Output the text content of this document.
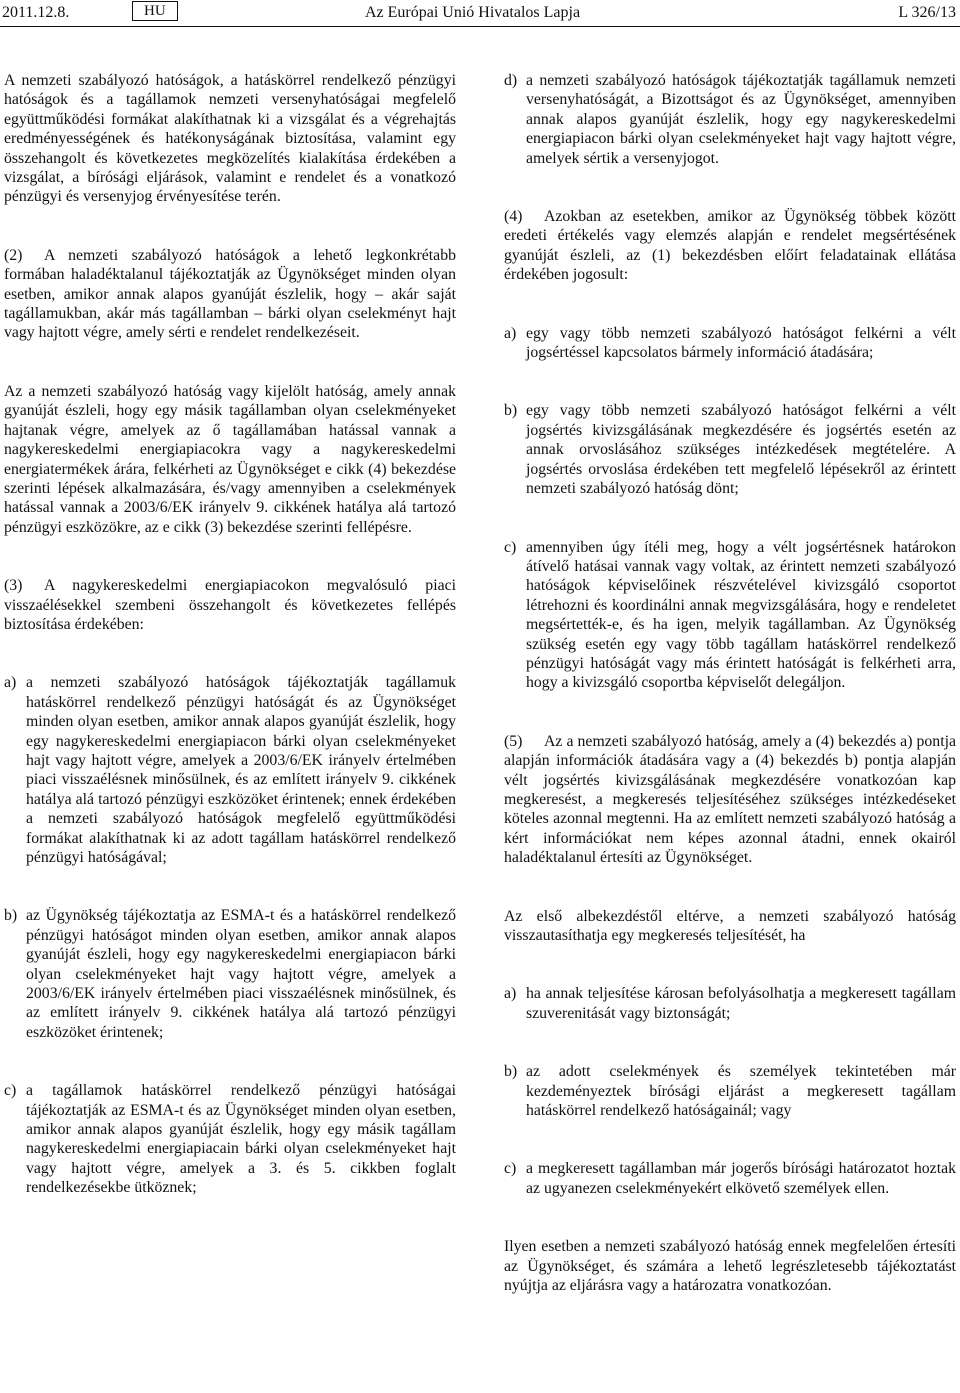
2011.12.8.	HU	Az Európai Unió Hivatalos Lapja	L 326/13

A nemzeti szabályozó hatóságok, a hatáskörrel rendelkező pénzügyi hatóságok és a tagállamok nemzeti versenyhatóságai megfelelő együttműködési formákat alakíthatnak ki a vizsgálat és a végrehajtás eredményességének és hatékonyságának biztosítása, valamint egy összehangolt és következetes megközelítés kialakítása érdekében a vizsgálat, a bírósági eljárások, valamint e rendelet és a vonatkozó pénzügyi és versenyjog érvényesítése terén.

(2) A nemzeti szabályozó hatóságok a lehető legkonkrétabb formában haladéktalanul tájékoztatják az Ügynökséget minden olyan esetben, amikor annak alapos gyanúját észlelik, hogy – akár saját tagállamukban, akár más tagállamban – bárki olyan cselekményt hajt vagy hajtott végre, amely sérti e rendelet rendelkezéseit.

Az a nemzeti szabályozó hatóság vagy kijelölt hatóság, amely annak gyanúját észleli, hogy egy másik tagállamban olyan cselekményeket hajtanak végre, amelyek az ő tagállamában hatással vannak a nagykereskedelmi energiapiacokra vagy a nagykereskedelmi energiatermékek árára, felkérheti az Ügynökséget e cikk (4) bekezdése szerinti lépések alkalmazására, és/vagy amennyiben a cselekmények hatással vannak a 2003/6/EK irányelv 9. cikkének hatálya alá tartozó pénzügyi eszközökre, az e cikk (3) bekezdése szerinti fellépésre.

(3) A nagykereskedelmi energiapiacokon megvalósuló piaci visszaélésekkel szembeni összehangolt és következetes fellépés biztosítása érdekében:

a) a nemzeti szabályozó hatóságok tájékoztatják tagállamuk hatáskörrel rendelkező pénzügyi hatóságát és az Ügynökséget minden olyan esetben, amikor annak alapos gyanúját észlelik, hogy egy nagykereskedelmi energiapiacon bárki olyan cselekményeket hajt vagy hajtott végre, amelyek a 2003/6/EK irányelv értelmében piaci visszaélésnek minősülnek, és az említett irányelv 9. cikkének hatálya alá tartozó pénzügyi eszközöket érintenek; ennek érdekében a nemzeti szabályozó hatóságok megfelelő együttműködési formákat alakíthatnak ki az adott tagállam hatáskörrel rendelkező pénzügyi hatóságával;
b) az Ügynökség tájékoztatja az ESMA-t és a hatáskörrel rendelkező pénzügyi hatóságot minden olyan esetben, amikor annak alapos gyanúját észleli, hogy egy nagykereskedelmi energiapiacon bárki olyan cselekményeket hajt vagy hajtott végre, amelyek a 2003/6/EK irányelv értelmében piaci visszaélésnek minősülnek, és az említett irányelv 9. cikkének hatálya alá tartozó pénzügyi eszközöket érintenek;
c) a tagállamok hatáskörrel rendelkező pénzügyi hatóságai tájékoztatják az ESMA-t és az Ügynökséget minden olyan esetben, amikor annak alapos gyanúját észlelik, hogy egy másik tagállam nagykereskedelmi energiapiacain bárki olyan cselekményeket hajt vagy hajtott végre, amelyek a 3. és 5. cikkben foglalt rendelkezésekbe ütköznek;
d) a nemzeti szabályozó hatóságok tájékoztatják tagállamuk nemzeti versenyhatóságát, a Bizottságot és az Ügynökséget, amennyiben annak alapos gyanúját észlelik, hogy egy nagykereskedelmi energiapiacon bárki olyan cselekményeket hajt vagy hajtott végre, amelyek sértik a versenyjogot.

(4) Azokban az esetekben, amikor az Ügynökség többek között eredeti értékelés vagy elemzés alapján e rendelet megsértésének gyanúját észleli, az (1) bekezdésben előírt feladatainak ellátása érdekében jogosult:

a) egy vagy több nemzeti szabályozó hatóságot felkérni a vélt jogsértéssel kapcsolatos bármely információ átadására;
b) egy vagy több nemzeti szabályozó hatóságot felkérni a vélt jogsértés kivizsgálásának megkezdésére és jogsértés esetén az annak orvoslásához szükséges intézkedések megtételére. A jogsértés orvoslása érdekében tett megfelelő lépésekről az érintett nemzeti szabályozó hatóság dönt;
c) amennyiben úgy ítéli meg, hogy a vélt jogsértésnek határokon átívelő hatásai vannak vagy voltak, az érintett nemzeti szabályozó hatóságok képviselőinek részvételével kivizsgáló csoportot létrehozni és koordinálni annak megvizsgálására, hogy e rendeletet megsértették-e, és ha igen, melyik tagállamban. Az Ügynökség szükség esetén egy vagy több tagállam hatáskörrel rendelkező pénzügyi hatóságát vagy más érintett hatóságát is felkérheti arra, hogy a kivizsgáló csoportba képviselőt delegáljon.

(5) Az a nemzeti szabályozó hatóság, amely a (4) bekezdés a) pontja alapján információk átadására vagy a (4) bekezdés b) pontja alapján vélt jogsértés kivizsgálásának megkezdésére vonatkozóan kap megkeresést, a megkeresés teljesítéséhez szükséges intézkedéseket köteles azonnal megtenni. Ha az említett nemzeti szabályozó hatóság a kért információkat nem képes azonnal átadni, ennek okairól haladéktalanul értesíti az Ügynökséget.

Az első albekezdéstől eltérve, a nemzeti szabályozó hatóság visszautasíthatja egy megkeresés teljesítését, ha

a) ha annak teljesítése károsan befolyásolhatja a megkeresett tagállam szuverenitását vagy biztonságát;
b) az adott cselekmények és személyek tekintetében már kezdeményeztek bírósági eljárást a megkeresett tagállam hatáskörrel rendelkező hatóságainál; vagy
c) a megkeresett tagállamban már jogerős bírósági határozatot hoztak az ugyanezen cselekményekért elkövető személyek ellen.

Ilyen esetben a nemzeti szabályozó hatóság ennek megfelelően értesíti az Ügynökséget, és számára a lehető legrészletesebb tájékoztatást nyújtja az eljárásra vagy a határozatra vonatkozóan.
